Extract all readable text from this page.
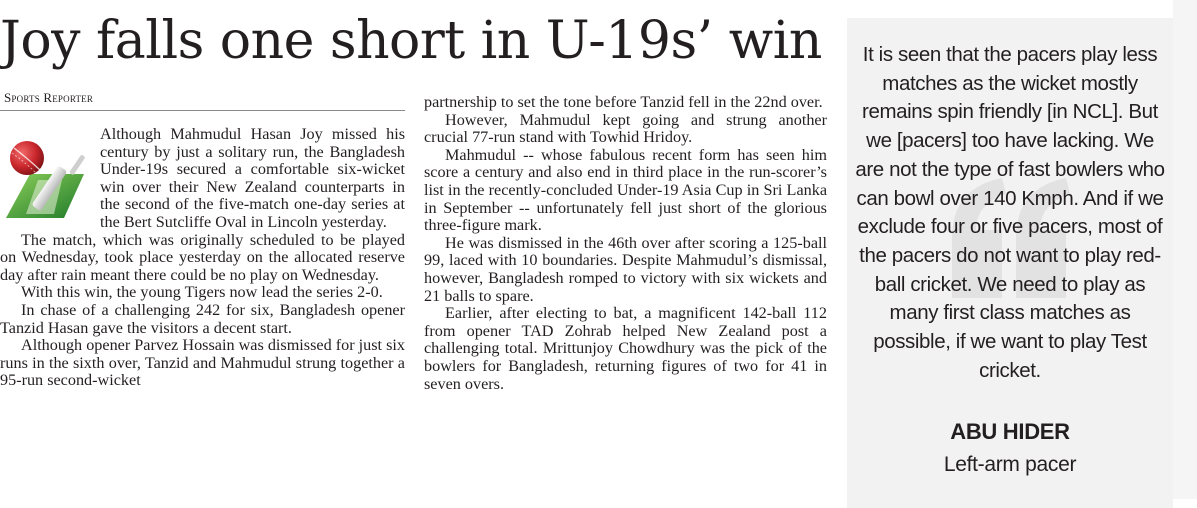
Joy falls one short in U-19s’ win
Sports Reporter

Although Mahmudul Hasan Joy missed his century by just a solitary run, the Bangladesh Under-19s secured a comfortable six-wicket win over their New Zealand counterparts in the second of the five-match one-day series at the Bert Sutcliffe Oval in Lincoln yesterday.

The match, which was originally scheduled to be played on Wednesday, took place yesterday on the allocated reserve day after rain meant there could be no play on Wednesday.

With this win, the young Tigers now lead the series 2-0.

In chase of a challenging 242 for six, Bangladesh opener Tanzid Hasan gave the visitors a decent start.

Although opener Parvez Hossain was dismissed for just six runs in the sixth over, Tanzid and Mahmudul strung together a 95-run second-wicket

partnership to set the tone before Tanzid fell in the 22nd over.

However, Mahmudul kept going and strung another crucial 77-run stand with Towhid Hridoy.

Mahmudul -- whose fabulous recent form has seen him score a century and also end in third place in the run-scorer’s list in the recently-concluded Under-19 Asia Cup in Sri Lanka in September -- unfortunately fell just short of the glorious three-figure mark.

He was dismissed in the 46th over after scoring a 125-ball 99, laced with 10 boundaries. Despite Mahmudul’s dismissal, however, Bangladesh romped to victory with six wickets and 21 balls to spare.

Earlier, after electing to bat, a magnificent 142-ball 112 from opener TAD Zohrab helped New Zealand post a challenging total. Mrittunjoy Chowdhury was the pick of the bowlers for Bangladesh, returning figures of two for 41 in seven overs.

It is seen that the pacers play less matches as the wicket mostly remains spin friendly [in NCL]. But we [pacers] too have lacking. We are not the type of fast bowlers who can bowl over 140 Kmph. And if we exclude four or five pacers, most of the pacers do not want to play red-ball cricket. We need to play as many first class matches as possible, if we want to play Test cricket.

ABU HIDER
Left-arm pacer
